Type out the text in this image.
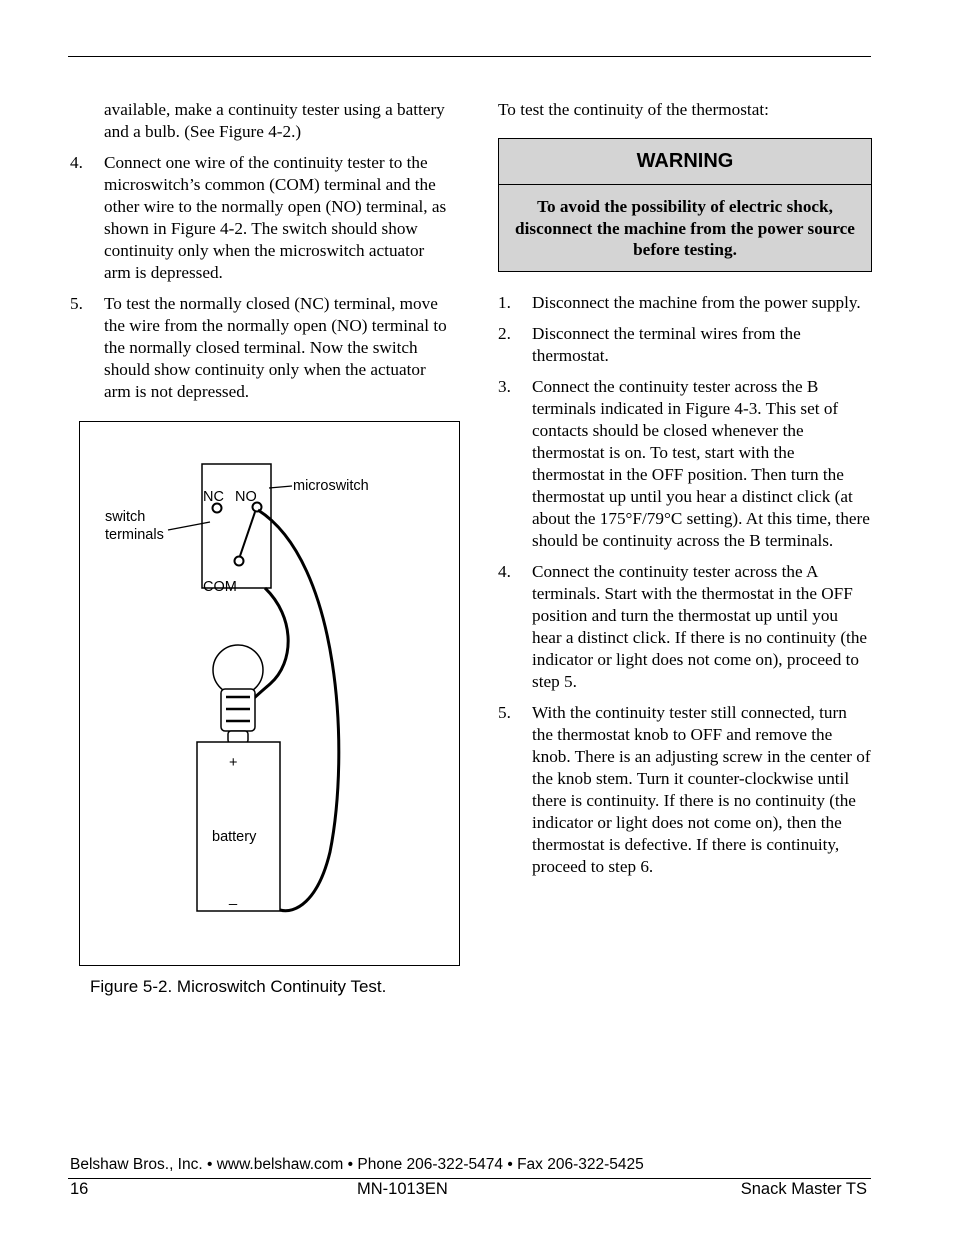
available, make a continuity tester using a battery and a bulb. (See Figure 4-2.)

4.	Connect one wire of the continuity tester to the microswitch’s common (COM) terminal and the other wire to the normally open (NO) terminal, as shown in Figure 4-2. The switch should show continuity only when the microswitch actuator arm is depressed.
5.	To test the normally closed (NC) terminal, move the wire from the normally open (NO) terminal to the normally closed terminal. Now the switch should show continuity only when the actuator arm is not depressed.
NC NO
microswitch
switch
terminals
COM
+
battery
_
Figure 5-2. Microswitch Continuity Test.

To test the continuity of the thermostat:

WARNING
To avoid the possibility of electric shock, disconnect the machine from the power source before testing.
1.	Disconnect the machine from the power supply.
2.	Disconnect the terminal wires from the thermostat.
3.	Connect the continuity tester across the B terminals indicated in Figure 4-3. This set of contacts should be closed whenever the thermostat is on. To test, start with the thermostat in the OFF position. Then turn the thermostat up until you hear a distinct click (at about the 175°F/79°C setting). At this time, there should be continuity across the B terminals.
4.	Connect the continuity tester across the A terminals. Start with the thermostat in the OFF position and turn the thermostat up until you hear a distinct click. If there is no continuity (the indicator or light does not come on), proceed to step 5.
5.	With the continuity tester still connected, turn the thermostat knob to OFF and remove the knob. There is an adjusting screw in the center of the knob stem. Turn it counter-clockwise until there is continuity. If there is no continuity (the indicator or light does not come on), then the thermostat is defective. If there is continuity, proceed to step 6.
Belshaw Bros., Inc. • www.belshaw.com • Phone 206-322-5474 • Fax 206-322-5425
16	MN-1013EN	Snack Master TS
